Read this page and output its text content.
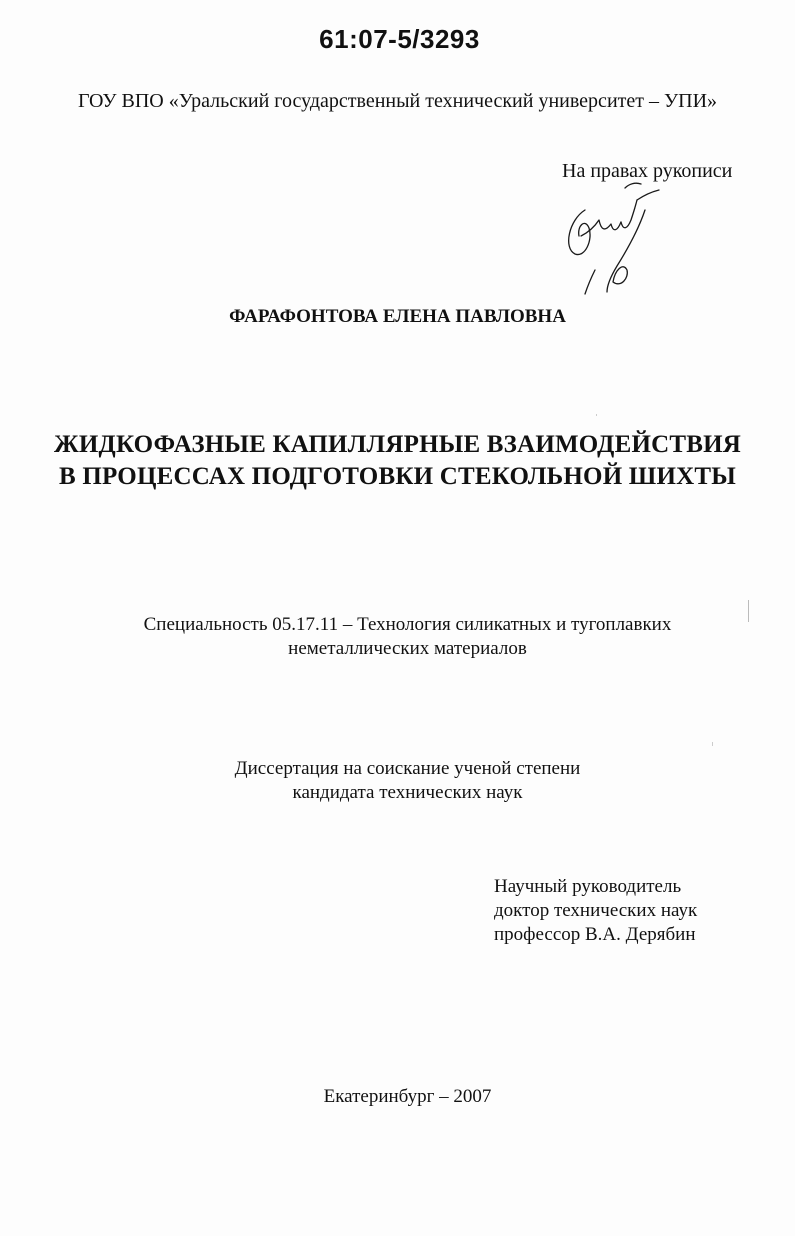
61:07-5/3293

ГОУ ВПО «Уральский государственный технический университет – УПИ»

На правах рукописи

ФАРАФОНТОВА ЕЛЕНА ПАВЛОВНА

ЖИДКОФАЗНЫЕ КАПИЛЛЯРНЫЕ ВЗАИМОДЕЙСТВИЯ

В ПРОЦЕССАХ ПОДГОТОВКИ СТЕКОЛЬНОЙ ШИХТЫ

Специальность 05.17.11 – Технология силикатных и тугоплавких

неметаллических материалов

Диссертация на соискание ученой степени

кандидата технических наук

Научный руководитель

доктор технических наук

профессор В.А. Дерябин

Екатеринбург – 2007
